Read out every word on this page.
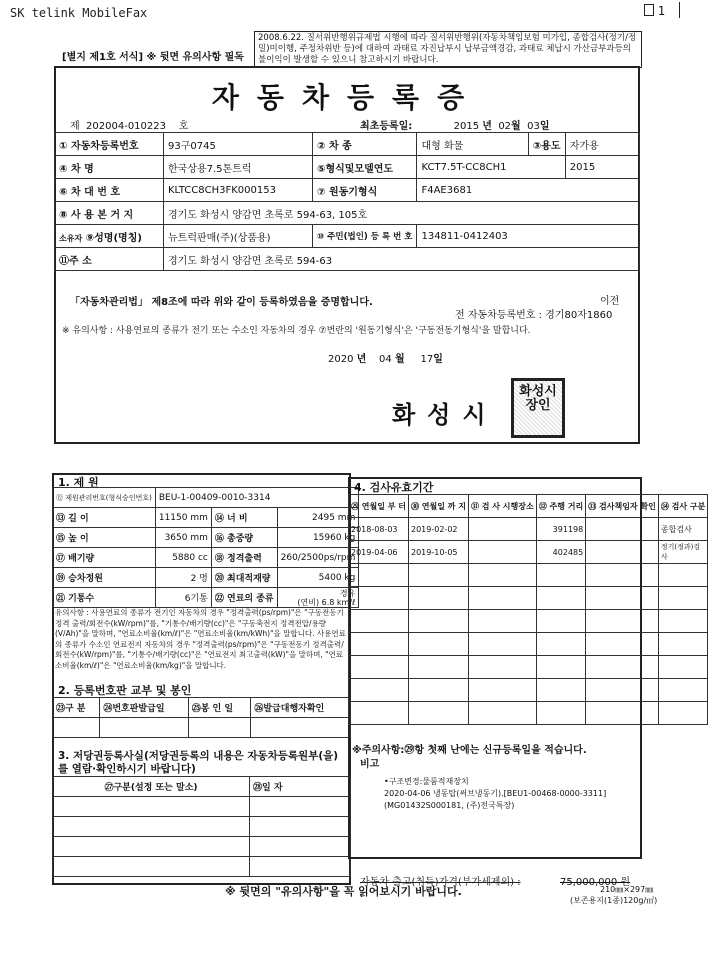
SK telink MobileFax	1
[별지 제1호 서식] ※ 뒷면 유의사항 필독
2008.6.22. 질서위반행위규제법 시행에 따라 질서위반행위(자동차책임보험 미가입, 종합검사(정기/정밀)미이행, 주정차위반 등)에 대하여 과태료 자진납부시 납부금액경감, 과태료 체납시 가산금부과등의 불이익이 발생할 수 있으니 참고하시기 바랍니다.
자동차등록증
제 202004-010223 호	최초등록일:	2015 년 02월 03일
① 자동차등록번호	93구0745	② 차 종	대형 화물	③용도	자가용
④ 차 명	한국상용7.5톤트럭	⑤형식및모델연도	KCT7.5T-CC8CH1		2015
⑥ 차 대 번 호	KLTCC8CH3FK000153	⑦ 원동기형식	F4AE3681		
⑧ 사 용 본 거 지	경기도 화성시 양감면 초록로 594-63, 105호				
소유자 ⑨성명(명칭)	뉴트럭판매(주)(상품용)	⑩ 주민(법인) 등 록 번 호	134811-0412403		
⑪주 소	경기도 화성시 양감면 초록로 594-63				
「자동차관리법」 제8조에 따라 위와 같이 등록하였음을 증명합니다.	이전
전 자동차등록번호 : 경기80자1860
※ 유의사항 : 사용연료의 종류가 전기 또는 수소인 자동차의 경우 ⑦번란의 '원동기형식'은 '구동전동기형식'을 말합니다.
2020 년 04 월 17일
화성시
화성시
장인
1. 제 원
⑫ 제원관리번호(형식승인번호)	BEU-1-00409-0010-3314		
⑬ 길 이	11150 mm	⑭ 너 비	2495 mm
⑮ 높 이	3650 mm	⑯ 총중량	15960 kg
⑰ 배기량	5880 cc	⑱ 정격출력	260/2500ps/rpm
⑲ 승차정원	2 명	⑳ 최대적재량	5400 kg
㉑ 기통수	6기통	㉒ 연료의 종류	경유
(연비) 6.8 km/ℓ
유의사항 : 사용연료의 종류가 전기인 자동차의 경우 "정격출력(ps/rpm)"은 "구동전동기 정격 출력/회전수(kW/rpm)"를, "기통수/배기량(cc)"은 "구동축전지 정격전압/용량(V/Ah)"을 말하며, "연료소비율(km/ℓ)"은 "연료소비율(km/kWh)"을 말합니다. 사용연료의 종류가 수소인 연료전지 자동차의 경우 "정격출력(ps/rpm)"은 "구동전동기 정격출력/회전수(kW/rpm)"를, "기통수/배기량(cc)"은 "연료전지 최고출력(kW)"을 말하며, "연료소비율(km/ℓ)"은 "연료소비율(km/kg)"을 말합니다.
2. 등록번호판 교부 및 봉인
㉓구 분	㉔번호판발급일	㉕봉 인 일	㉖발급대행자확인

3. 저당권등록사실(저당권등록의 내용은 자동차등록원부(을)를 열람·확인하시기 바랍니다)
㉗구분(설정 또는 말소)	㉘일 자

4. 검사유효기간
㉙ 연월일 부 터	㉚ 연월일 까 지	㉛ 검 사 시행장소	㉜ 주행 거리	㉝ 검사책임자 확인	㉞ 검사 구분
2018-08-03	2019-02-02		391198		종합검사
2019-04-06	2019-10-05		402485		정기(정과)검사

※주의사항:㉙항 첫째 난에는 신규등록일을 적습니다.
비고
•구조변경:물품적재장치
2020-04-06 냉동탑(써브냉동기).[BEU1-00468-0000-3311]
(MG01432S000181, (주)전국특장)
자동차 출고(취득)가격(부가세제외) :	75,000,000 원
※ 뒷면의 "유의사항"을 꼭 읽어보시기 바랍니다.	210㎜×297㎜
(보존용지(1종)120g/㎡)
